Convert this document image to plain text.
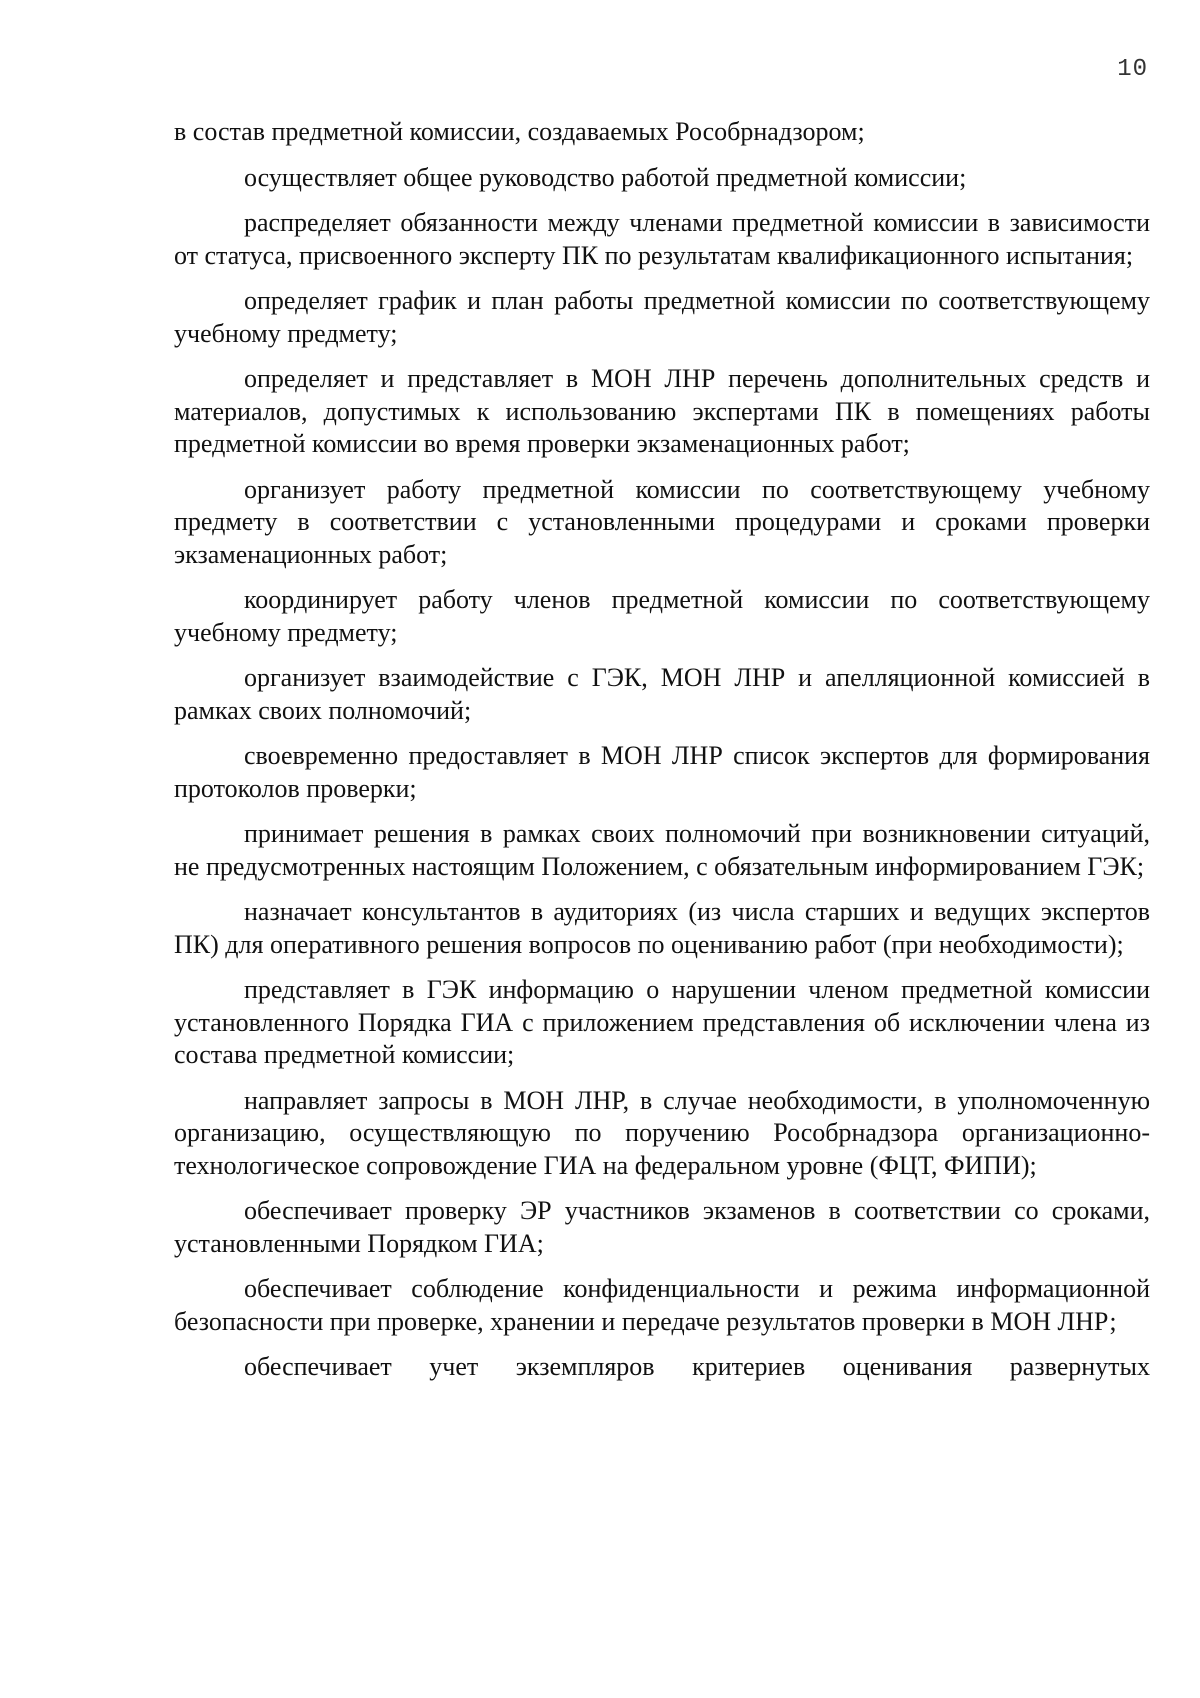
10

в состав предметной комиссии, создаваемых Рособрнадзором;

осуществляет общее руководство работой предметной комиссии;

распределяет обязанности между членами предметной комиссии в зависимости от статуса, присвоенного эксперту ПК по результатам квалификационного испытания;

определяет график и план работы предметной комиссии по соответствующему учебному предмету;

определяет и представляет в МОН ЛНР перечень дополнительных средств и материалов, допустимых к использованию экспертами ПК в помещениях работы предметной комиссии во время проверки экзаменационных работ;

организует работу предметной комиссии по соответствующему учебному предмету в соответствии с установленными процедурами и сроками проверки экзаменационных работ;

координирует работу членов предметной комиссии по соответствующему учебному предмету;

организует взаимодействие с ГЭК, МОН ЛНР и апелляционной комиссией в рамках своих полномочий;

своевременно предоставляет в МОН ЛНР список экспертов для формирования протоколов проверки;

принимает решения в рамках своих полномочий при возникновении ситуаций, не предусмотренных настоящим Положением, с обязательным информированием ГЭК;

назначает консультантов в аудиториях (из числа старших и ведущих экспертов ПК) для оперативного решения вопросов по оцениванию работ (при необходимости);

представляет в ГЭК информацию о нарушении членом предметной комиссии установленного Порядка ГИА с приложением представления об исключении члена из состава предметной комиссии;

направляет запросы в МОН ЛНР, в случае необходимости, в уполномоченную организацию, осуществляющую по поручению Рособрнадзора организационно-технологическое сопровождение ГИА на федеральном уровне (ФЦТ, ФИПИ);

обеспечивает проверку ЭР участников экзаменов в соответствии со сроками, установленными Порядком ГИА;

обеспечивает соблюдение конфиденциальности и режима информационной безопасности при проверке, хранении и передаче результатов проверки в МОН ЛНР;

обеспечивает учет экземпляров критериев оценивания развернутых
